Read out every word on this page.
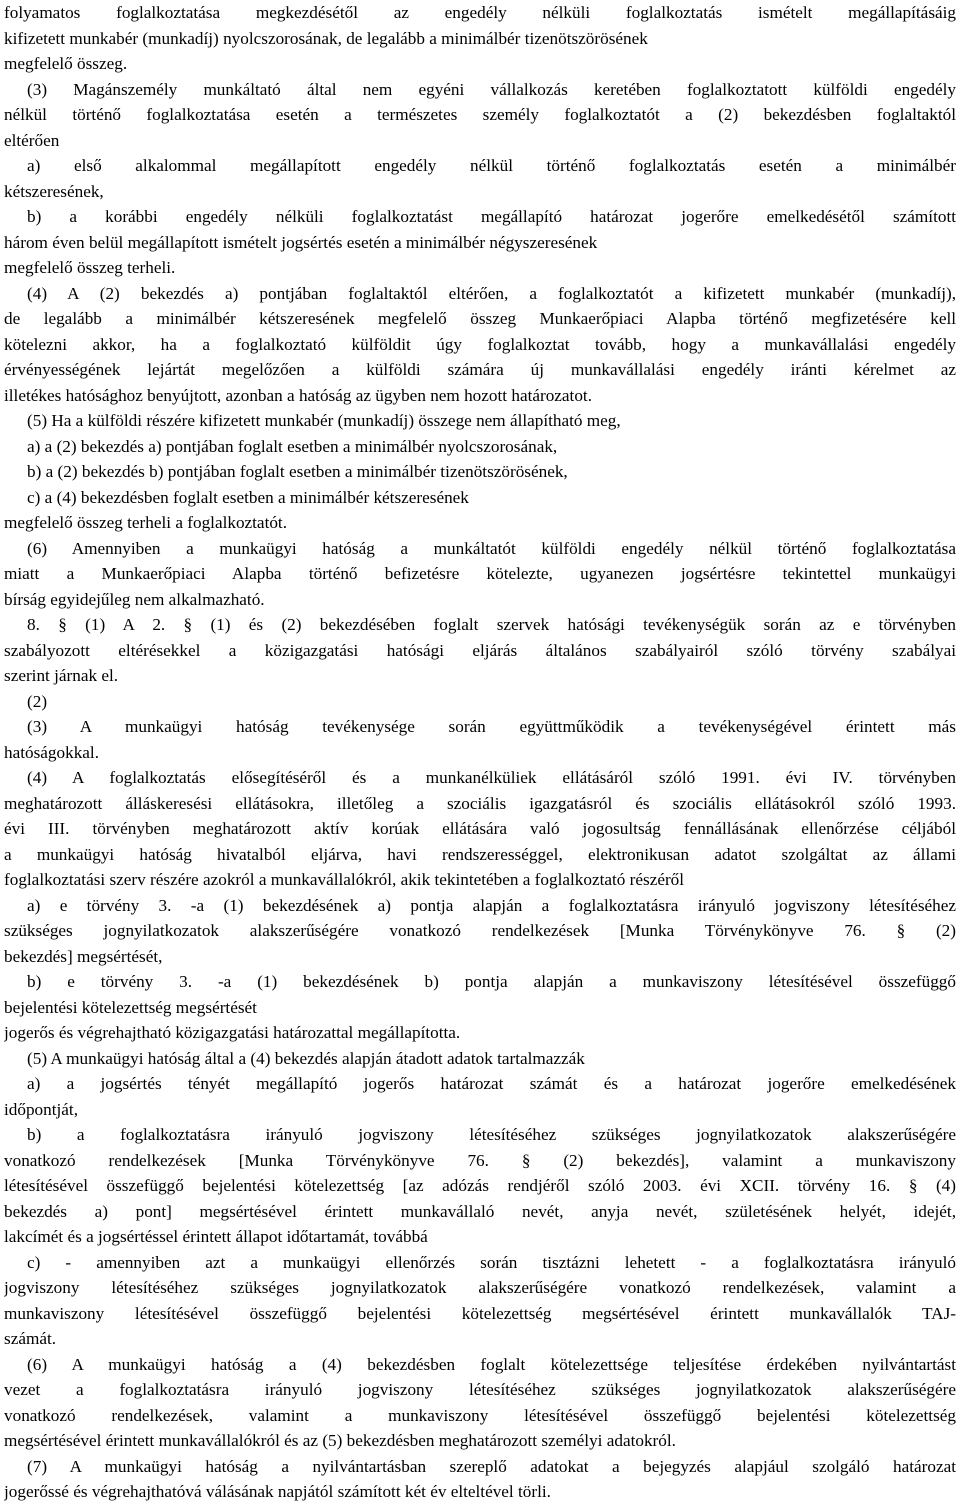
folyamatos foglalkoztatása megkezdésétől az engedély nélküli foglalkoztatás ismételt megállapításáig
kifizetett munkabér (munkadíj) nyolcszorosának, de legalább a minimálbér tizenötszörösének
megfelelő összeg.
(3) Magánszemély munkáltató által nem egyéni vállalkozás keretében foglalkoztatott külföldi engedély
nélkül történő foglalkoztatása esetén a természetes személy foglalkoztatót a (2) bekezdésben foglaltaktól
eltérően
a) első alkalommal megállapított engedély nélkül történő foglalkoztatás esetén a minimálbér
kétszeresének,
b) a korábbi engedély nélküli foglalkoztatást megállapító határozat jogerőre emelkedésétől számított
három éven belül megállapított ismételt jogsértés esetén a minimálbér négyszeresének
megfelelő összeg terheli.
(4) A (2) bekezdés a) pontjában foglaltaktól eltérően, a foglalkoztatót a kifizetett munkabér (munkadíj),
de legalább a minimálbér kétszeresének megfelelő összeg Munkaerőpiaci Alapba történő megfizetésére kell
kötelezni akkor, ha a foglalkoztató külföldit úgy foglalkoztat tovább, hogy a munkavállalási engedély
érvényességének lejártát megelőzően a külföldi számára új munkavállalási engedély iránti kérelmet az
illetékes hatósághoz benyújtott, azonban a hatóság az ügyben nem hozott határozatot.
(5) Ha a külföldi részére kifizetett munkabér (munkadíj) összege nem állapítható meg,
a) a (2) bekezdés a) pontjában foglalt esetben a minimálbér nyolcszorosának,
b) a (2) bekezdés b) pontjában foglalt esetben a minimálbér tizenötszörösének,
c) a (4) bekezdésben foglalt esetben a minimálbér kétszeresének
megfelelő összeg terheli a foglalkoztatót.
(6) Amennyiben a munkaügyi hatóság a munkáltatót külföldi engedély nélkül történő foglalkoztatása
miatt a Munkaerőpiaci Alapba történő befizetésre kötelezte, ugyanezen jogsértésre tekintettel munkaügyi
bírság egyidejűleg nem alkalmazható.
8. § (1) A 2. § (1) és (2) bekezdésében foglalt szervek hatósági tevékenységük során az e törvényben
szabályozott eltérésekkel a közigazgatási hatósági eljárás általános szabályairól szóló törvény szabályai
szerint járnak el.
(2)
(3) A munkaügyi hatóság tevékenysége során együttműködik a tevékenységével érintett más
hatóságokkal.
(4) A foglalkoztatás elősegítéséről és a munkanélküliek ellátásáról szóló 1991. évi IV. törvényben
meghatározott álláskeresési ellátásokra, illetőleg a szociális igazgatásról és szociális ellátásokról szóló 1993.
évi III. törvényben meghatározott aktív korúak ellátására való jogosultság fennállásának ellenőrzése céljából
a munkaügyi hatóság hivatalból eljárva, havi rendszerességgel, elektronikusan adatot szolgáltat az állami
foglalkoztatási szerv részére azokról a munkavállalókról, akik tekintetében a foglalkoztató részéről
a) e törvény 3. -a (1) bekezdésének a) pontja alapján a foglalkoztatásra irányuló jogviszony létesítéséhez
szükséges jognyilatkozatok alakszerűségére vonatkozó rendelkezések [Munka Törvénykönyve 76. § (2)
bekezdés] megsértését,
b) e törvény 3. -a (1) bekezdésének b) pontja alapján a munkaviszony létesítésével összefüggő
bejelentési kötelezettség megsértését
jogerős és végrehajtható közigazgatási határozattal megállapította.
(5) A munkaügyi hatóság által a (4) bekezdés alapján átadott adatok tartalmazzák
a) a jogsértés tényét megállapító jogerős határozat számát és a határozat jogerőre emelkedésének
időpontját,
b) a foglalkoztatásra irányuló jogviszony létesítéséhez szükséges jognyilatkozatok alakszerűségére
vonatkozó rendelkezések [Munka Törvénykönyve 76. § (2) bekezdés], valamint a munkaviszony
létesítésével összefüggő bejelentési kötelezettség [az adózás rendjéről szóló 2003. évi XCII. törvény 16. § (4)
bekezdés a) pont] megsértésével érintett munkavállaló nevét, anyja nevét, születésének helyét, idejét,
lakcímét és a jogsértéssel érintett állapot időtartamát, továbbá
c) - amennyiben azt a munkaügyi ellenőrzés során tisztázni lehetett - a foglalkoztatásra irányuló
jogviszony létesítéséhez szükséges jognyilatkozatok alakszerűségére vonatkozó rendelkezések, valamint a
munkaviszony létesítésével összefüggő bejelentési kötelezettség megsértésével érintett munkavállalók TAJ-
számát.
(6) A munkaügyi hatóság a (4) bekezdésben foglalt kötelezettsége teljesítése érdekében nyilvántartást
vezet a foglalkoztatásra irányuló jogviszony létesítéséhez szükséges jognyilatkozatok alakszerűségére
vonatkozó rendelkezések, valamint a munkaviszony létesítésével összefüggő bejelentési kötelezettség
megsértésével érintett munkavállalókról és az (5) bekezdésben meghatározott személyi adatokról.
(7) A munkaügyi hatóság a nyilvántartásban szereplő adatokat a bejegyzés alapjául szolgáló határozat
jogerőssé és végrehajthatóvá válásának napjától számított két év elteltével törli.
